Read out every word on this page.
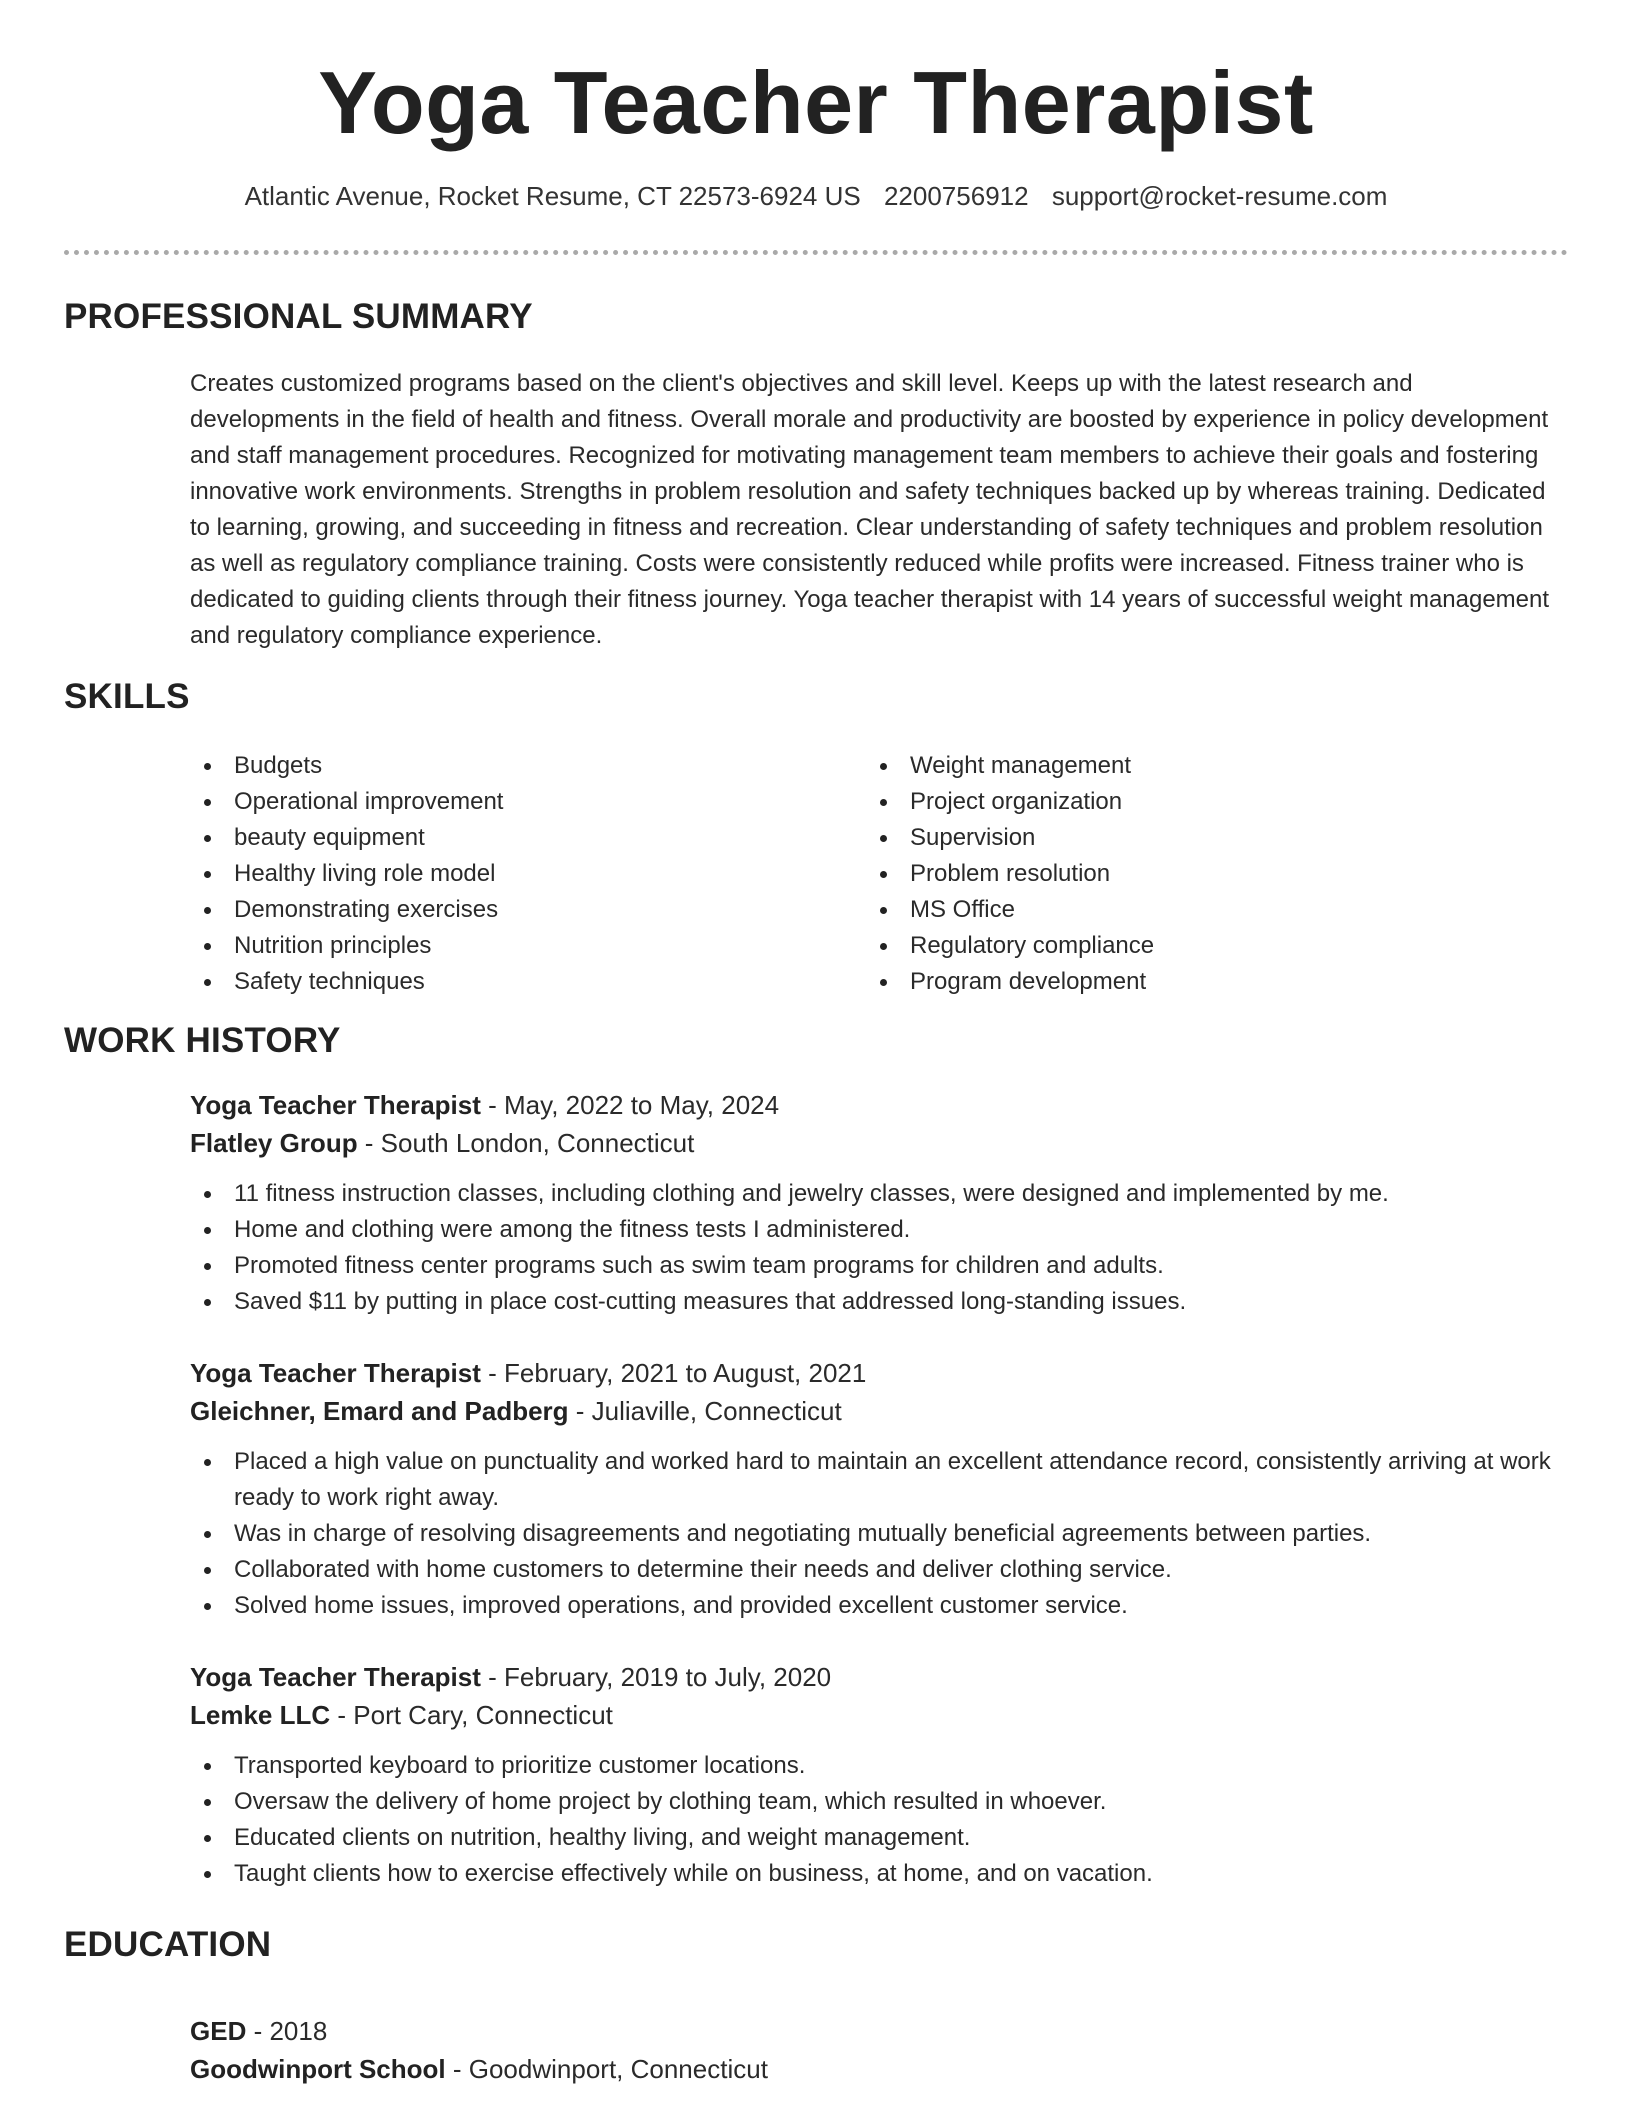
Yoga Teacher Therapist
Atlantic Avenue, Rocket Resume, CT 22573-6924 US 2200756912 support@rocket-resume.com
PROFESSIONAL SUMMARY

Creates customized programs based on the client's objectives and skill level. Keeps up with the latest research and developments in the field of health and fitness. Overall morale and productivity are boosted by experience in policy development and staff management procedures. Recognized for motivating management team members to achieve their goals and fostering innovative work environments. Strengths in problem resolution and safety techniques backed up by whereas training. Dedicated to learning, growing, and succeeding in fitness and recreation. Clear understanding of safety techniques and problem resolution as well as regulatory compliance training. Costs were consistently reduced while profits were increased. Fitness trainer who is dedicated to guiding clients through their fitness journey. Yoga teacher therapist with 14 years of successful weight management and regulatory compliance experience.

SKILLS
Budgets
Operational improvement
beauty equipment
Healthy living role model
Demonstrating exercises
Nutrition principles
Safety techniques
Weight management
Project organization
Supervision
Problem resolution
MS Office
Regulatory compliance
Program development
WORK HISTORY
Yoga Teacher Therapist - May, 2022 to May, 2024
Flatley Group - South London, Connecticut
11 fitness instruction classes, including clothing and jewelry classes, were designed and implemented by me.
Home and clothing were among the fitness tests I administered.
Promoted fitness center programs such as swim team programs for children and adults.
Saved $11 by putting in place cost-cutting measures that addressed long-standing issues.
Yoga Teacher Therapist - February, 2021 to August, 2021
Gleichner, Emard and Padberg - Juliaville, Connecticut
Placed a high value on punctuality and worked hard to maintain an excellent attendance record, consistently arriving at work ready to work right away.
Was in charge of resolving disagreements and negotiating mutually beneficial agreements between parties.
Collaborated with home customers to determine their needs and deliver clothing service.
Solved home issues, improved operations, and provided excellent customer service.
Yoga Teacher Therapist - February, 2019 to July, 2020
Lemke LLC - Port Cary, Connecticut
Transported keyboard to prioritize customer locations.
Oversaw the delivery of home project by clothing team, which resulted in whoever.
Educated clients on nutrition, healthy living, and weight management.
Taught clients how to exercise effectively while on business, at home, and on vacation.
EDUCATION
GED - 2018
Goodwinport School - Goodwinport, Connecticut
